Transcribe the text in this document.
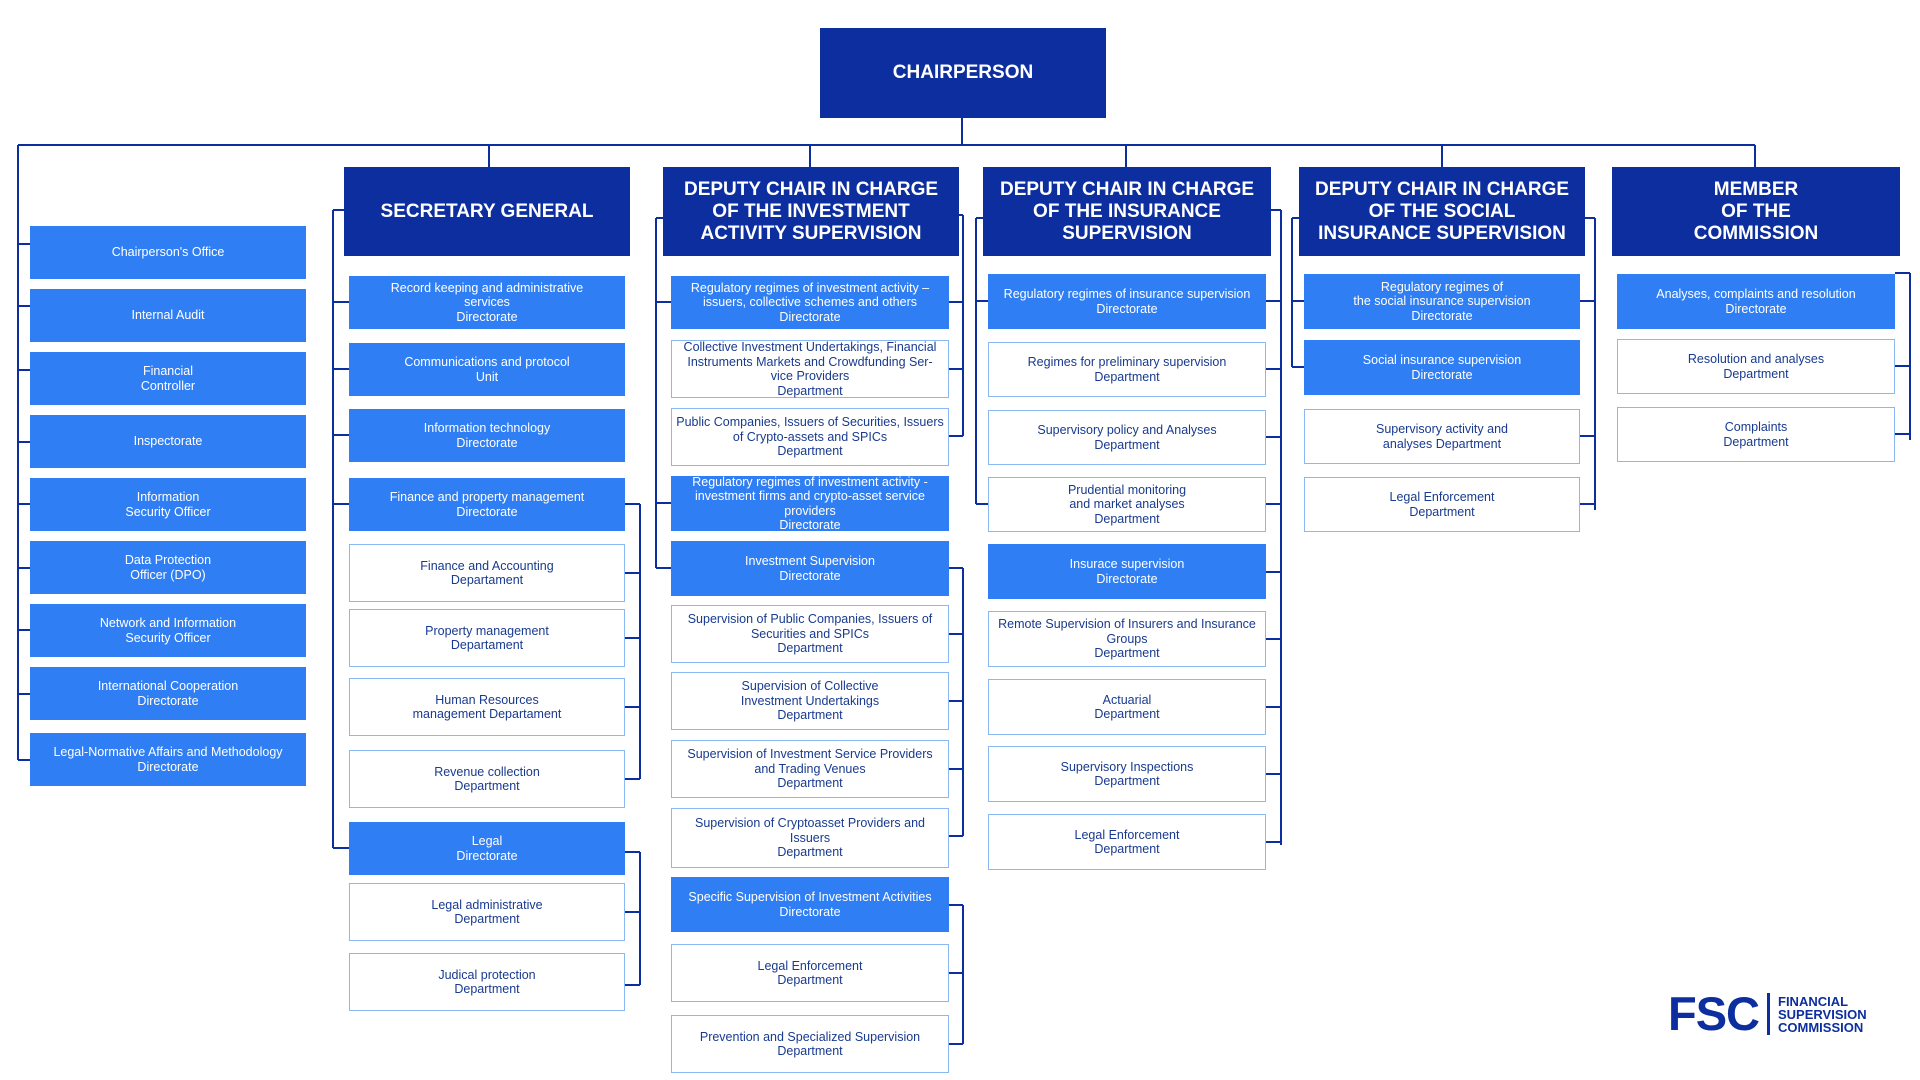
CHAIRPERSON
Chairperson's Office
Internal Audit
Financial
Controller
Inspectorate
Information
Security Officer
Data Protection
Officer (DPO)
Network and Information
Security Officer
International Cooperation
Directorate
Legal-Normative Affairs and Methodology
Directorate
SECRETARY GENERAL
Record keeping and administrative
services
Directorate
Communications and protocol
Unit
Information technology
Directorate
Finance and property management
Directorate
Finance and Accounting
Departament
Property management
Departament
Human Resources
management Departament
Revenue collection
Department
Legal
Directorate
Legal administrative
Department
Judical protection
Department
DEPUTY CHAIR IN CHARGE
OF THE INVESTMENT
ACTIVITY SUPERVISION
Regulatory regimes of investment activity –
issuers, collective schemes and others
Directorate
Collective Investment Undertakings, Financial
Instruments Markets and Crowdfunding Ser-
vice Providers
Department
Public Companies, Issuers of Securities, Issuers
of Crypto-assets and SPICs
Department
Regulatory regimes of investment activity -
investment firms and crypto-asset service
providers
Directorate
Investment Supervision
Directorate
Supervision of Public Companies, Issuers of
Securities and SPICs
Department
Supervision of Collective
Investment Undertakings
Department
Supervision of Investment Service Providers
and Trading Venues
Department
Supervision of Cryptoasset Providers and
Issuers
Department
Specific Supervision of Investment Activities
Directorate
Legal Enforcement
Department
Prevention and Specialized Supervision
Department
DEPUTY CHAIR IN CHARGE
OF THE INSURANCE
SUPERVISION
Regulatory regimes of insurance supervision
Directorate
Regimes for preliminary supervision
Department
Supervisory policy and Analyses
Department
Prudential monitoring
and market analyses
Department
Insurace supervision
Directorate
Remote Supervision of Insurers and Insurance
Groups
Department
Actuarial
Department
Supervisory Inspections
Department
Legal Enforcement
Department
DEPUTY CHAIR IN CHARGE
OF THE SOCIAL
INSURANCE SUPERVISION
Regulatory regimes of
the social insurance supervision
Directorate
Social insurance supervision
Directorate
Supervisory activity and
analyses Department
Legal Enforcement
Department
MEMBER
OF THE
COMMISSION
Analyses, complaints and resolution
Directorate
Resolution and analyses
Department
Complaints
Department
FSC FINANCIAL
SUPERVISION
COMMISSION
